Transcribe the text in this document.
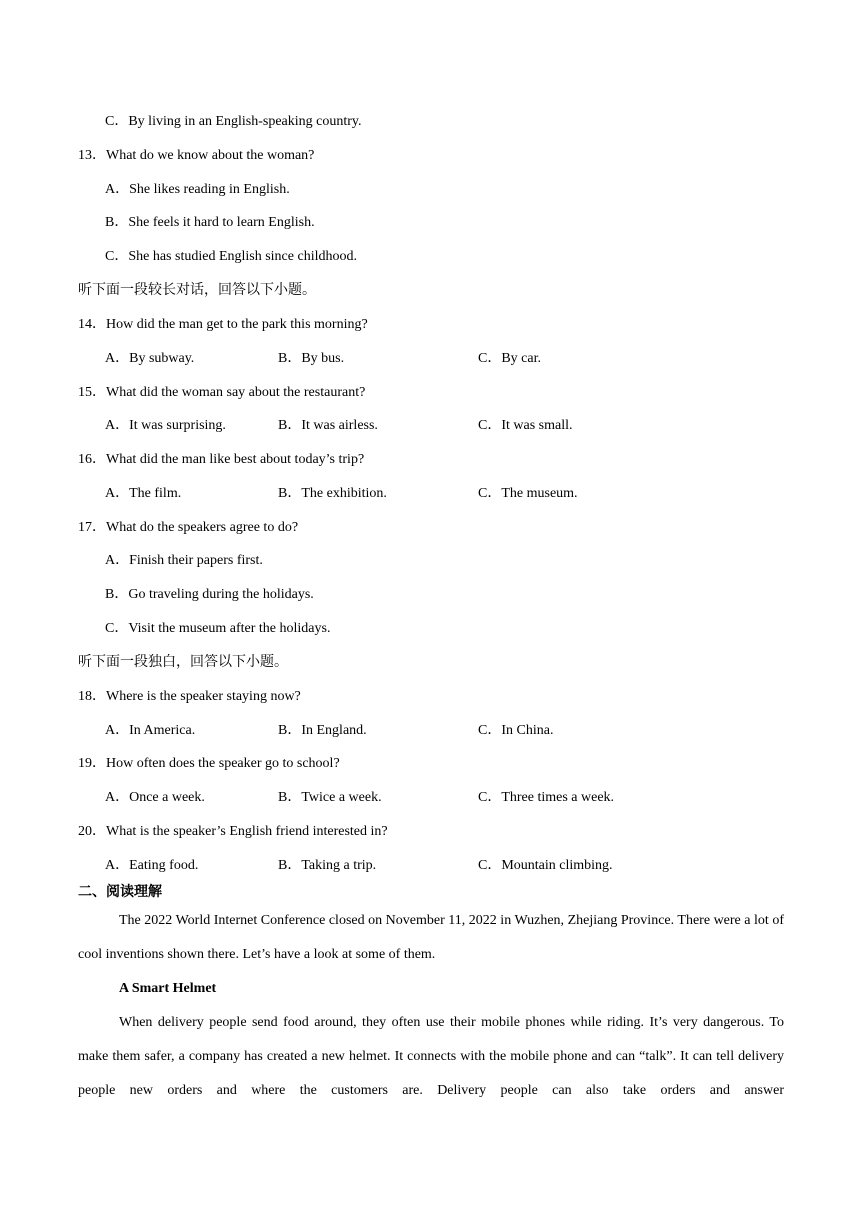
C．By living in an English-speaking country.
13．What do we know about the woman?
A．She likes reading in English.
B．She feels it hard to learn English.
C．She has studied English since childhood.
听下面一段较长对话，回答以下小题。
14．How did the man get to the park this morning?
A．By subway.	B．By bus.	C．By car.
15．What did the woman say about the restaurant?
A．It was surprising.	B．It was airless.	C．It was small.
16．What did the man like best about today’s trip?
A．The film.	B．The exhibition.	C．The museum.
17．What do the speakers agree to do?
A．Finish their papers first.
B．Go traveling during the holidays.
C．Visit the museum after the holidays.
听下面一段独白，回答以下小题。
18．Where is the speaker staying now?
A．In America.	B．In England.	C．In China.
19．How often does the speaker go to school?
A．Once a week.	B．Twice a week.	C．Three times a week.
20．What is the speaker’s English friend interested in?
A．Eating food.	B．Taking a trip.	C．Mountain climbing.
二、阅读理解
The 2022 World Internet Conference closed on November 11, 2022 in Wuzhen, Zhejiang Province. There were a lot of cool inventions shown there. Let’s have a look at some of them.
A Smart Helmet
When delivery people send food around, they often use their mobile phones while riding. It’s very dangerous. To make them safer, a company has created a new helmet. It connects with the mobile phone and can “talk”. It can tell delivery people new orders and where the customers are. Delivery people can also take orders and answer
